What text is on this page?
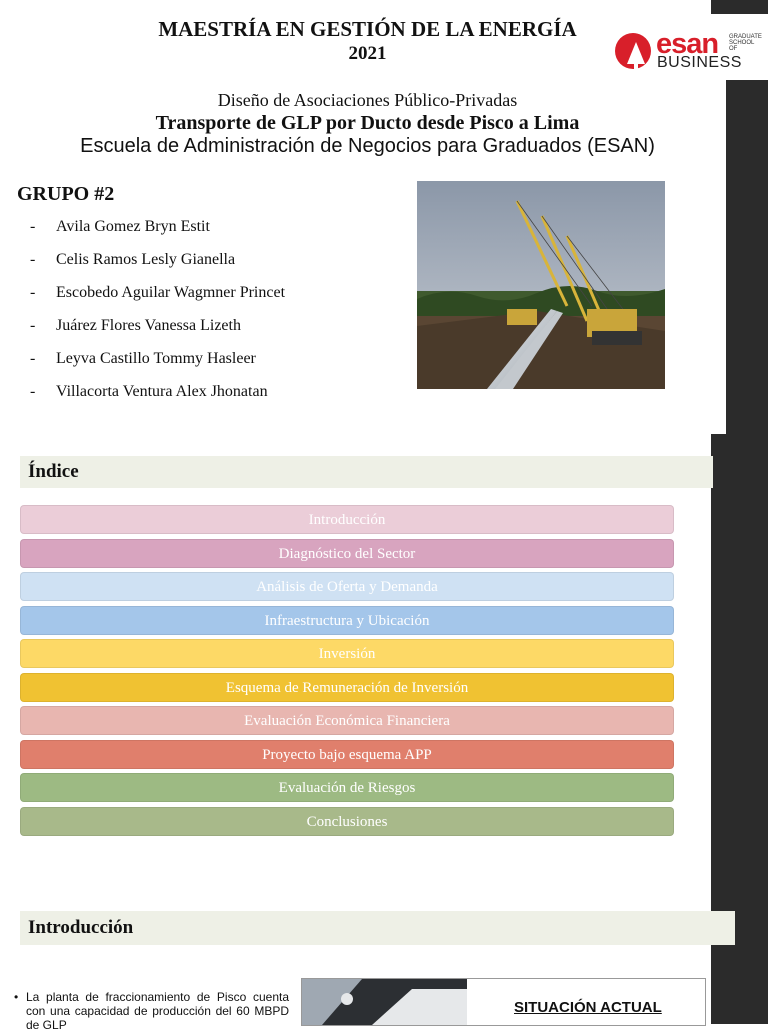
MAESTRÍA EN GESTIÓN DE LA ENERGÍA
2021	esan GRADUATE SCHOOL OF
BUSINESS
Diseño de Asociaciones Público-Privadas
Transporte de GLP por Ducto desde Pisco a Lima
Escuela de Administración de Negocios para Graduados (ESAN)
GRUPO #2
-	Avila Gomez Bryn Estit
-	Celis Ramos Lesly Gianella
-	Escobedo Aguilar Wagmner Princet
-	Juárez Flores Vanessa Lizeth
-	Leyva Castillo Tommy Hasleer
-	Villacorta Ventura Alex Jhonatan
Índice
Introducción
Diagnóstico del Sector
Análisis de Oferta y Demanda
Infraestructura y Ubicación
Inversión
Esquema de Remuneración de Inversión
Evaluación Económica Financiera
Proyecto bajo esquema APP
Evaluación de Riesgos
Conclusiones
Introducción
• La planta de fraccionamiento de Pisco cuenta con una capacidad de producción del 60 MBPD de GLP
SITUACIÓN ACTUAL
